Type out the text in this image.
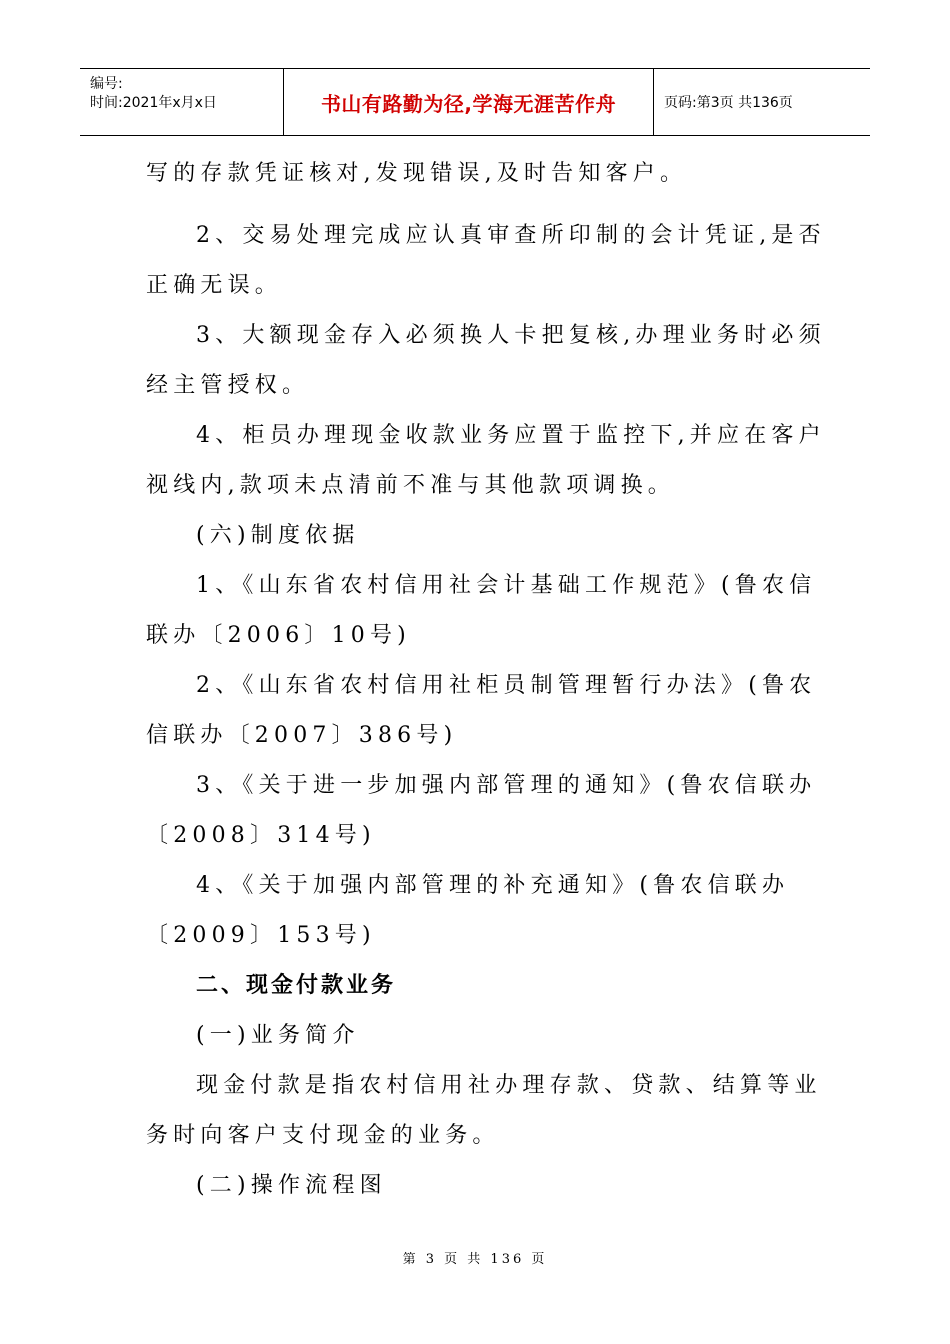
编号:
时间:2021年x月x日	书山有路勤为径,学海无涯苦作舟	页码:第3页 共136页
写的存款凭证核对,发现错误,及时告知客户。
2、交易处理完成应认真审查所印制的会计凭证,是否
正确无误。
3、大额现金存入必须换人卡把复核,办理业务时必须
经主管授权。
4、柜员办理现金收款业务应置于监控下,并应在客户
视线内,款项未点清前不准与其他款项调换。
(六)制度依据
1、《山东省农村信用社会计基础工作规范》(鲁农信
联办〔2006〕10号)
2、《山东省农村信用社柜员制管理暂行办法》(鲁农
信联办〔2007〕386号)
3、《关于进一步加强内部管理的通知》(鲁农信联办
〔2008〕314号)
4、《关于加强内部管理的补充通知》(鲁农信联办
〔2009〕153号)
二、现金付款业务
(一)业务简介
现金付款是指农村信用社办理存款、贷款、结算等业
务时向客户支付现金的业务。
(二)操作流程图
第 3 页 共 136 页
